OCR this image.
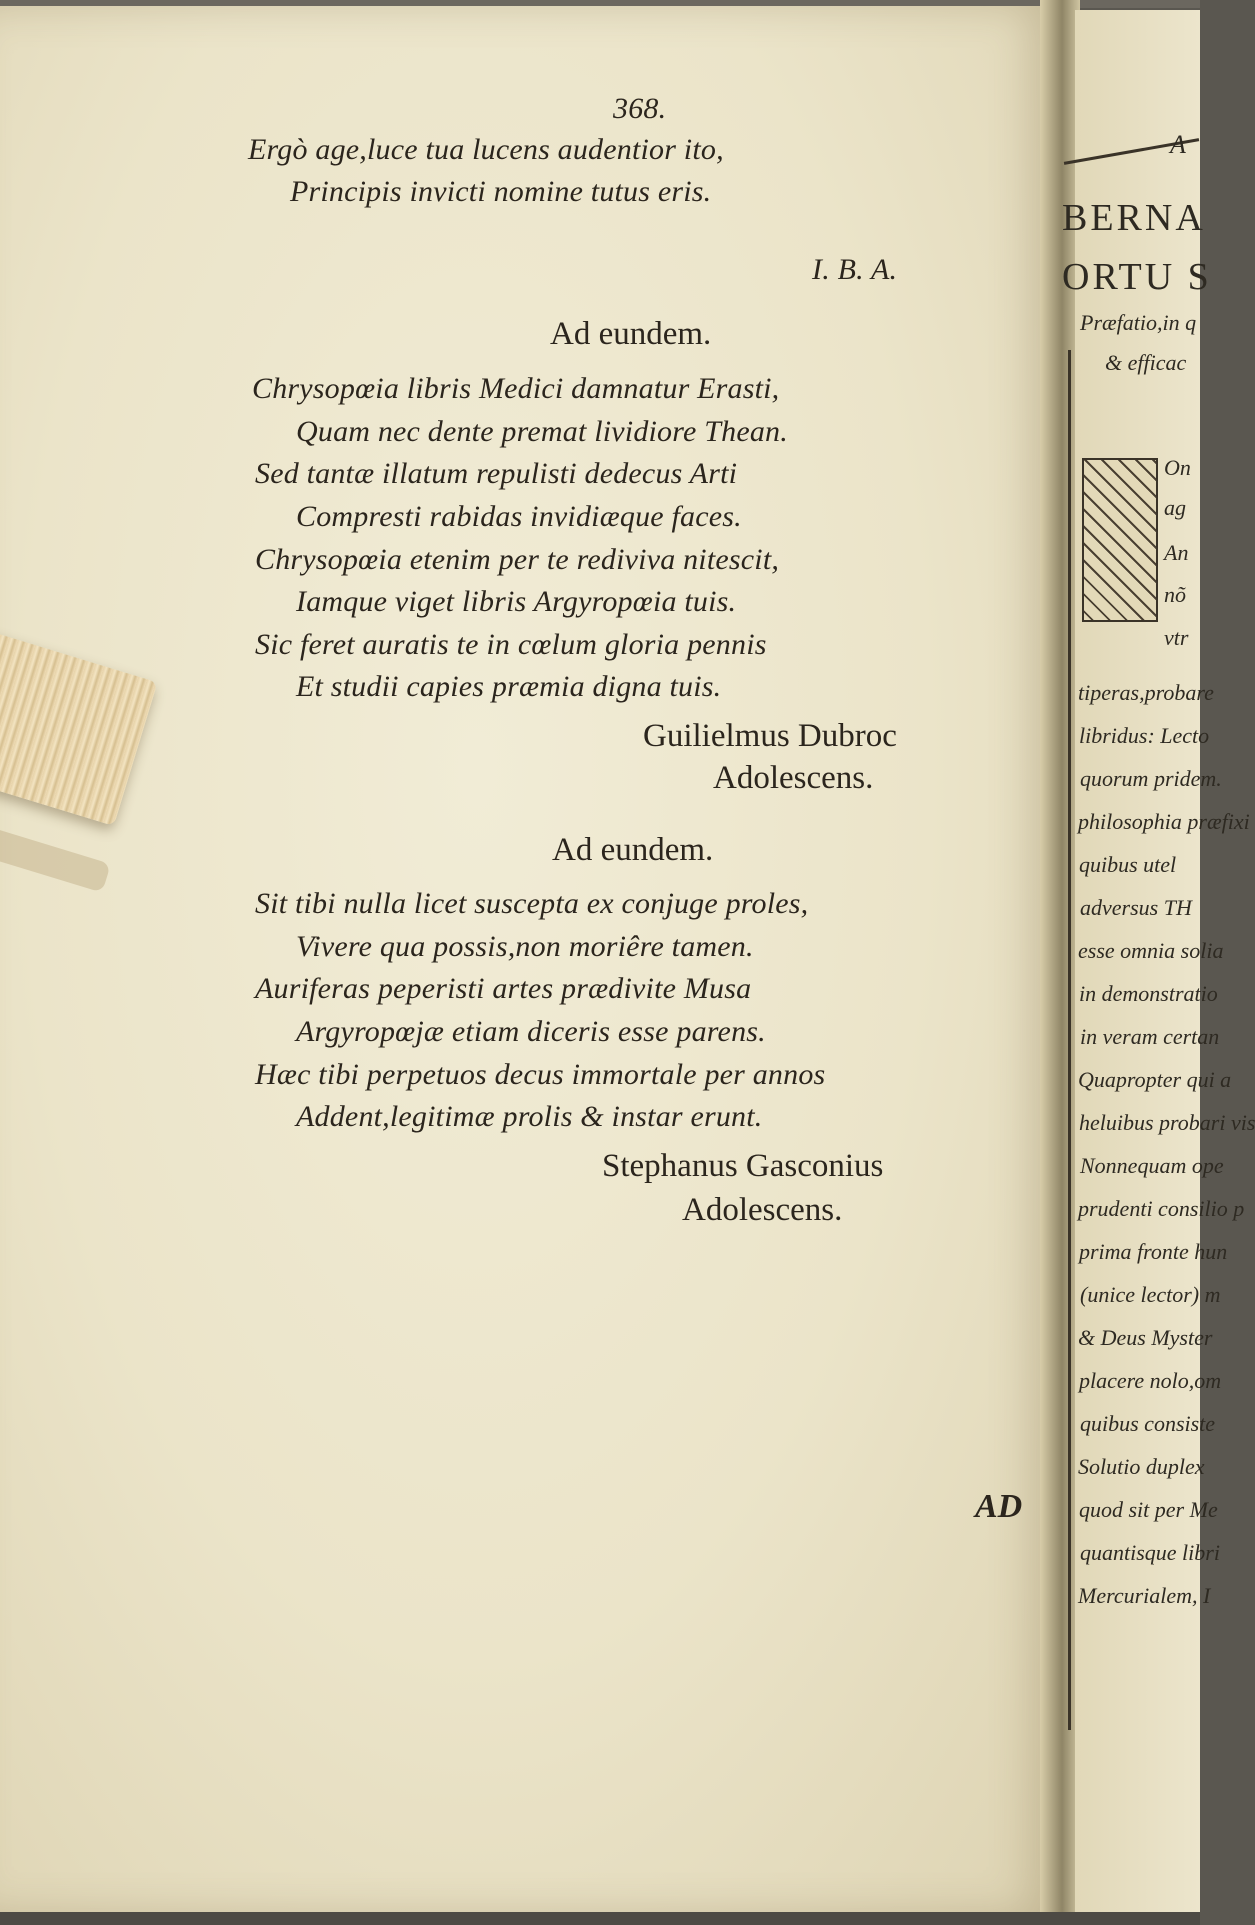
368.
Ergò age,luce tua lucens audentior ito,
Principis invicti nomine tutus eris.
I. B. A.
Ad eundem.
Chrysopœia libris Medici damnatur Erasti,
Quam nec dente premat lividiore Thean.
Sed tantæ illatum repulisti dedecus Arti
Compresti rabidas invidiæque faces.
Chrysopœia etenim per te rediviva nitescit,
Iamque viget libris Argyropœia tuis.
Sic feret auratis te in cœlum gloria pennis
Et studii capies præmia digna tuis.
Guilielmus Dubroc
Adolescens.
Ad eundem.
Sit tibi nulla licet suscepta ex conjuge proles,
Vivere qua possis,non moriêre tamen.
Auriferas peperisti artes prædivite Musa
Argyropœjæ etiam diceris esse parens.
Hæc tibi perpetuos decus immortale per annos
Addent,legitimæ prolis & instar erunt.
Stephanus Gasconius
Adolescens.
AD
A
BERNA
ORTU S
Præfatio,in q
& efficac
On
ag
An
nõ
vtr
tiperas,probare
libridus: Lecto
quorum pridem.
philosophia præfixi
quibus utel
adversus TH
esse omnia solia
in demonstratio
in veram certan
Quapropter qui a
heluibus probari vis
Nonnequam ope
prudenti consilio p
prima fronte hun
(unice lector) m
& Deus Myster
placere nolo,om
quibus consiste
Solutio duplex
quod sit per Me
quantisque libri
Mercurialem, I
